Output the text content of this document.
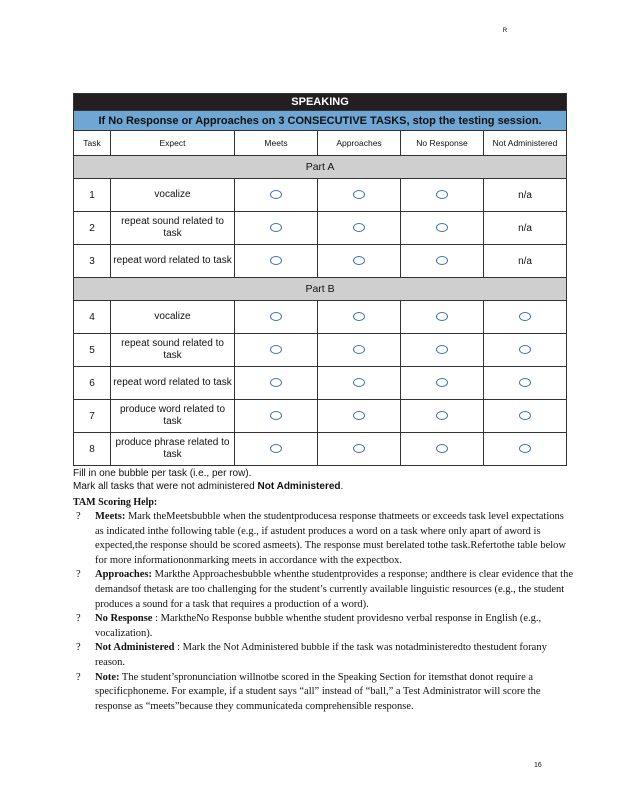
ᴿ
SPEAKING					
If No Response or Approaches on 3 CONSECUTIVE TASKS, stop the testing session.					
Task	Expect	Meets	Approaches	No Response	Not Administered
Part A					
1	vocalize				n/a
2	repeat sound related to task				n/a
3	repeat word related to task				n/a
Part B					
4	vocalize				
5	repeat sound related to task				
6	repeat word related to task				
7	produce word related to task				
8	produce phrase related to task				
Fill in one bubble per task (i.e., per row).
Mark all tasks that were not administered Not Administered.
TAM Scoring Help:
? Meets: Mark theMeetsbubble when the studentproducesa response thatmeets or exceeds task level expectations as indicated inthe following table (e.g., if astudent produces a word on a task where only apart of aword is expected,the response should be scored asmeets). The response must berelated tothe task.Refertothe table below for more informationonmarking meets in accordance with the expectbox.
? Approaches: Markthe Approachesbubble whenthe studentprovides a response; andthere is clear evidence that the demandsof thetask are too challenging for the student’s currently available linguistic resources (e.g., the student produces a sound for a task that requires a production of a word).
? No Response : MarktheNo Response bubble whenthe student providesno verbal response in English (e.g., vocalization).
? Not Administered : Mark the Not Administered bubble if the task was notadministeredto thestudent forany reason.
? Note: The student’spronunciation willnotbe scored in the Speaking Section for itemsthat donot require a specificphoneme. For example, if a student says “all” instead of “ball,” a Test Administrator will score the response as “meets”because they communicateda comprehensible response.
16
